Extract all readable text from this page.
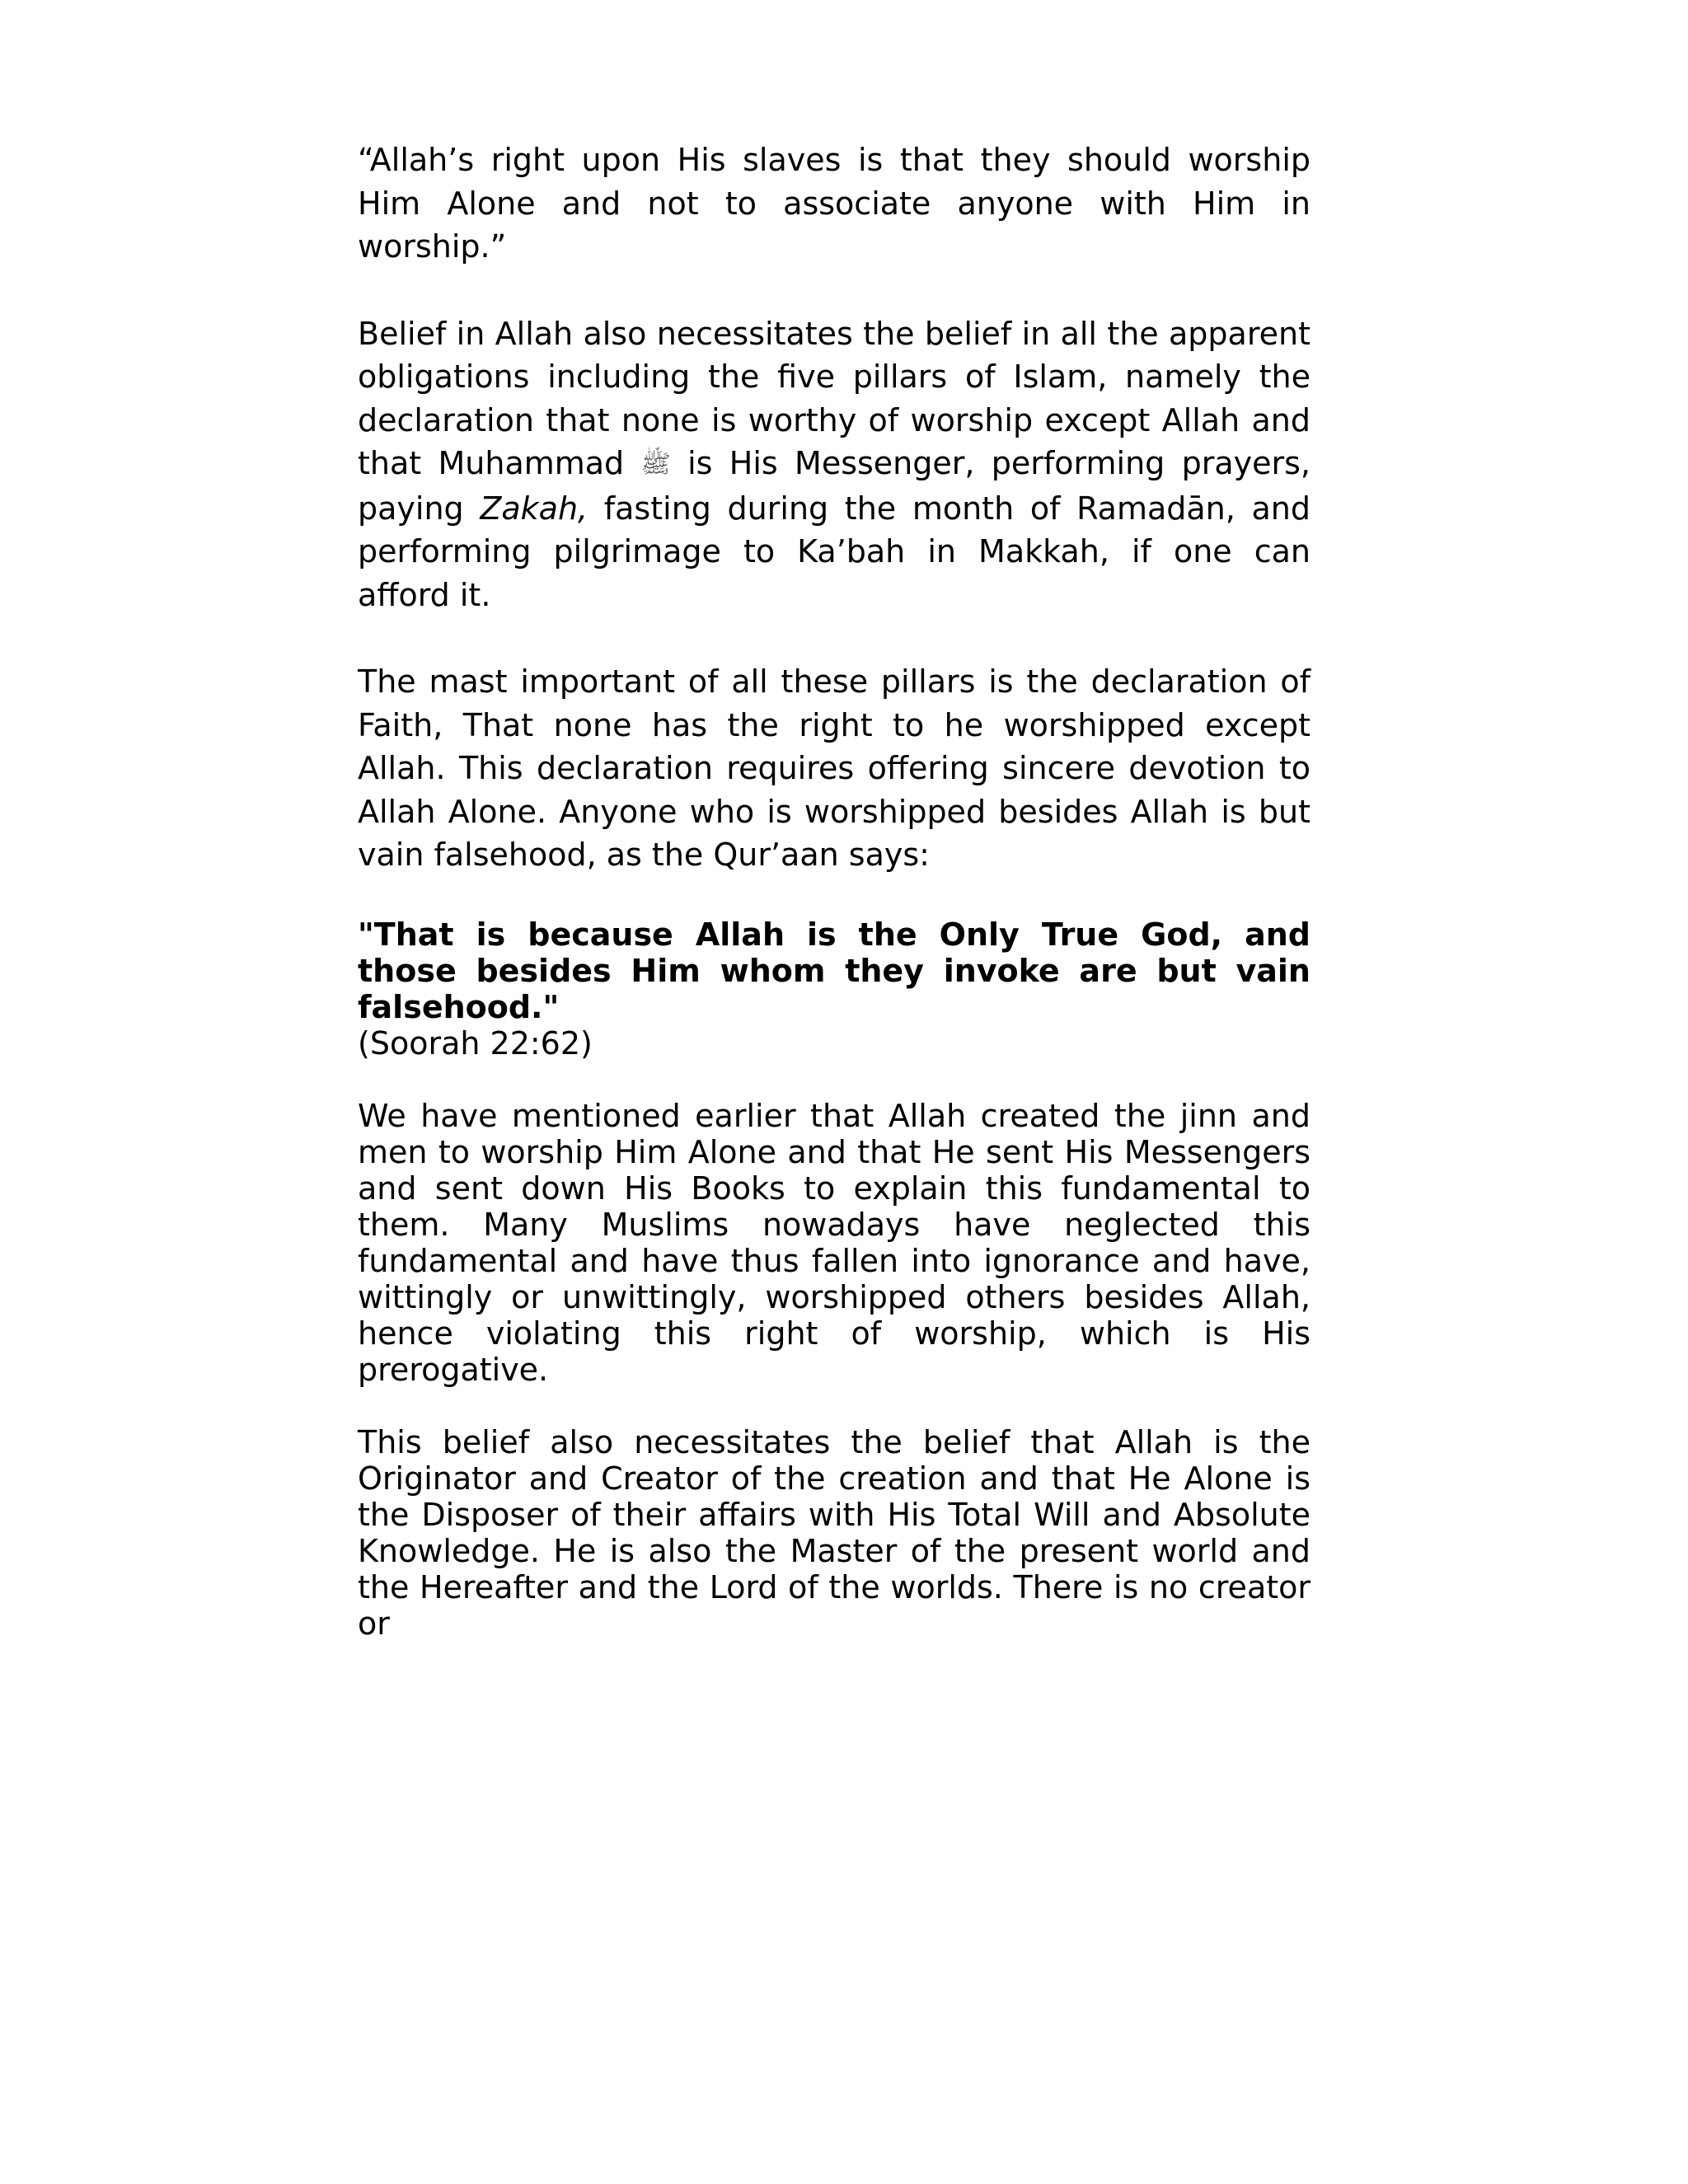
“Allah’s right upon His slaves is that they should worship Him Alone and not to associate anyone with Him in worship.”

Belief in Allah also necessitates the belief in all the apparent obligations including the five pillars of Islam, namely the declaration that none is worthy of worship except Allah and that Muhammad ﷺ is His Messenger, performing prayers, paying Zakah, fasting during the month of Ramadān, and performing pilgrimage to Ka’bah in Makkah, if one can afford it.

The mast important of all these pillars is the declaration of Faith, That none has the right to he worshipped except Allah. This declaration requires offering sincere devotion to Allah Alone. Anyone who is worshipped besides Allah is but vain falsehood, as the Qur’aan says:

"That is because Allah is the Only True God, and those besides Him whom they invoke are but vain falsehood."

(Soorah 22:62)

We have mentioned earlier that Allah created the jinn and men to worship Him Alone and that He sent His Messengers and sent down His Books to explain this fundamental to them. Many Muslims nowadays have neglected this fundamental and have thus fallen into ignorance and have, wittingly or unwittingly, worshipped others besides Allah, hence violating this right of worship, which is His prerogative.

This belief also necessitates the belief that Allah is the Originator and Creator of the creation and that He Alone is the Disposer of their affairs with His Total Will and Absolute Knowledge. He is also the Master of the present world and the Hereafter and the Lord of the worlds. There is no creator or
